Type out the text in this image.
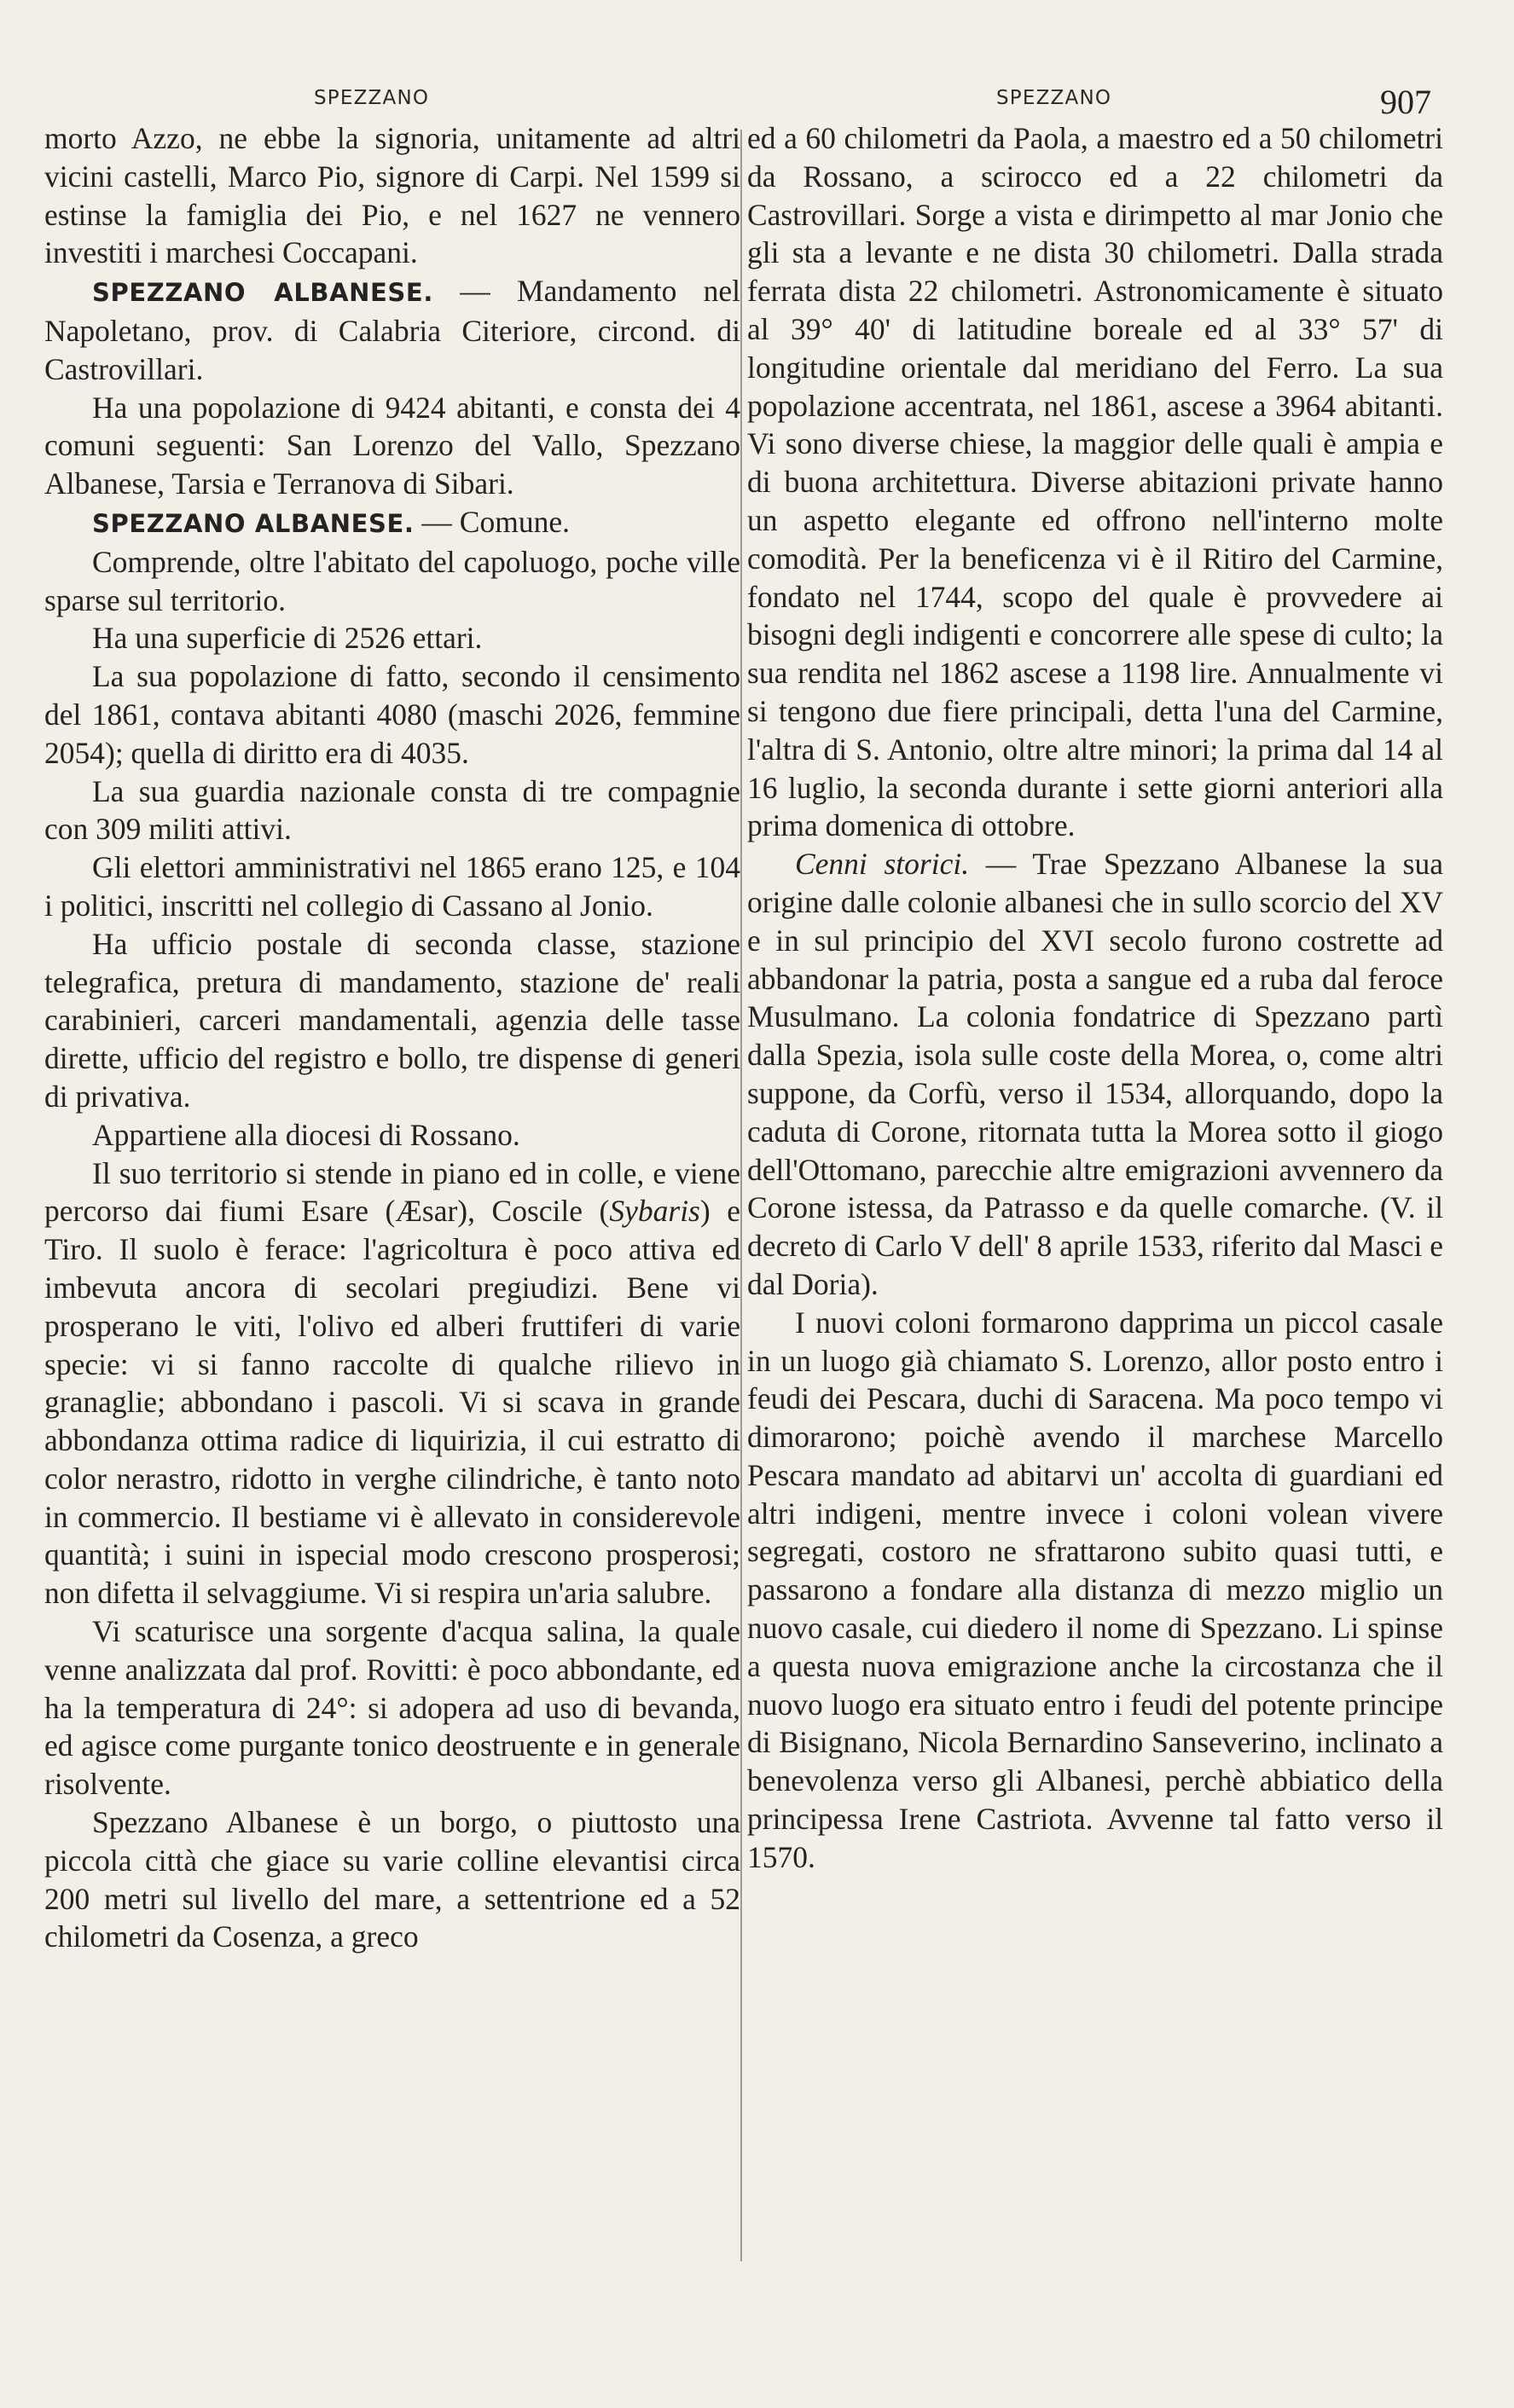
SPEZZANO	SPEZZANO	907

morto Azzo, ne ebbe la signoria, unitamente ad altri vicini castelli, Marco Pio, signore di Carpi. Nel 1599 si estinse la famiglia dei Pio, e nel 1627 ne vennero investiti i marchesi Coccapani.

SPEZZANO ALBANESE. — Mandamento nel Napoletano, prov. di Calabria Citeriore, circond. di Castrovillari.

Ha una popolazione di 9424 abitanti, e consta dei 4 comuni seguenti: San Lorenzo del Vallo, Spezzano Albanese, Tarsia e Terranova di Sibari.

SPEZZANO ALBANESE. — Comune.

Comprende, oltre l'abitato del capoluogo, poche ville sparse sul territorio.

Ha una superficie di 2526 ettari.

La sua popolazione di fatto, secondo il censimento del 1861, contava abitanti 4080 (maschi 2026, femmine 2054); quella di diritto era di 4035.

La sua guardia nazionale consta di tre compagnie con 309 militi attivi.

Gli elettori amministrativi nel 1865 erano 125, e 104 i politici, inscritti nel collegio di Cassano al Jonio.

Ha ufficio postale di seconda classe, stazione telegrafica, pretura di mandamento, stazione de' reali carabinieri, carceri mandamentali, agenzia delle tasse dirette, ufficio del registro e bollo, tre dispense di generi di privativa.

Appartiene alla diocesi di Rossano.

Il suo territorio si stende in piano ed in colle, e viene percorso dai fiumi Esare (Æsar), Coscile (Sybaris) e Tiro. Il suolo è ferace: l'agricoltura è poco attiva ed imbevuta ancora di secolari pregiudizi. Bene vi prosperano le viti, l'olivo ed alberi fruttiferi di varie specie: vi si fanno raccolte di qualche rilievo in granaglie; abbondano i pascoli. Vi si scava in grande abbondanza ottima radice di liquirizia, il cui estratto di color nerastro, ridotto in verghe cilindriche, è tanto noto in commercio. Il bestiame vi è allevato in considerevole quantità; i suini in ispecial modo crescono prosperosi; non difetta il selvaggiume. Vi si respira un'aria salubre.

Vi scaturisce una sorgente d'acqua salina, la quale venne analizzata dal prof. Rovitti: è poco abbondante, ed ha la temperatura di 24°: si adopera ad uso di bevanda, ed agisce come purgante tonico deostruente e in generale risolvente.

Spezzano Albanese è un borgo, o piuttosto una piccola città che giace su varie colline elevantisi circa 200 metri sul livello del mare, a settentrione ed a 52 chilometri da Cosenza, a greco

ed a 60 chilometri da Paola, a maestro ed a 50 chilometri da Rossano, a scirocco ed a 22 chilometri da Castrovillari. Sorge a vista e dirimpetto al mar Jonio che gli sta a levante e ne dista 30 chilometri. Dalla strada ferrata dista 22 chilometri. Astronomicamente è situato al 39° 40' di latitudine boreale ed al 33° 57' di longitudine orientale dal meridiano del Ferro. La sua popolazione accentrata, nel 1861, ascese a 3964 abitanti. Vi sono diverse chiese, la maggior delle quali è ampia e di buona architettura. Diverse abitazioni private hanno un aspetto elegante ed offrono nell'interno molte comodità. Per la beneficenza vi è il Ritiro del Carmine, fondato nel 1744, scopo del quale è provvedere ai bisogni degli indigenti e concorrere alle spese di culto; la sua rendita nel 1862 ascese a 1198 lire. Annualmente vi si tengono due fiere principali, detta l'una del Carmine, l'altra di S. Antonio, oltre altre minori; la prima dal 14 al 16 luglio, la seconda durante i sette giorni anteriori alla prima domenica di ottobre.

Cenni storici. — Trae Spezzano Albanese la sua origine dalle colonie albanesi che in sullo scorcio del XV e in sul principio del XVI secolo furono costrette ad abbandonar la patria, posta a sangue ed a ruba dal feroce Musulmano. La colonia fondatrice di Spezzano partì dalla Spezia, isola sulle coste della Morea, o, come altri suppone, da Corfù, verso il 1534, allorquando, dopo la caduta di Corone, ritornata tutta la Morea sotto il giogo dell'Ottomano, parecchie altre emigrazioni avvennero da Corone istessa, da Patrasso e da quelle comarche. (V. il decreto di Carlo V dell' 8 aprile 1533, riferito dal Masci e dal Doria).

I nuovi coloni formarono dapprima un piccol casale in un luogo già chiamato S. Lorenzo, allor posto entro i feudi dei Pescara, duchi di Saracena. Ma poco tempo vi dimorarono; poichè avendo il marchese Marcello Pescara mandato ad abitarvi un' accolta di guardiani ed altri indigeni, mentre invece i coloni volean vivere segregati, costoro ne sfrattarono subito quasi tutti, e passarono a fondare alla distanza di mezzo miglio un nuovo casale, cui diedero il nome di Spezzano. Li spinse a questa nuova emigrazione anche la circostanza che il nuovo luogo era situato entro i feudi del potente principe di Bisignano, Nicola Bernardino Sanseverino, inclinato a benevolenza verso gli Albanesi, perchè abbiatico della principessa Irene Castriota. Avvenne tal fatto verso il 1570.
